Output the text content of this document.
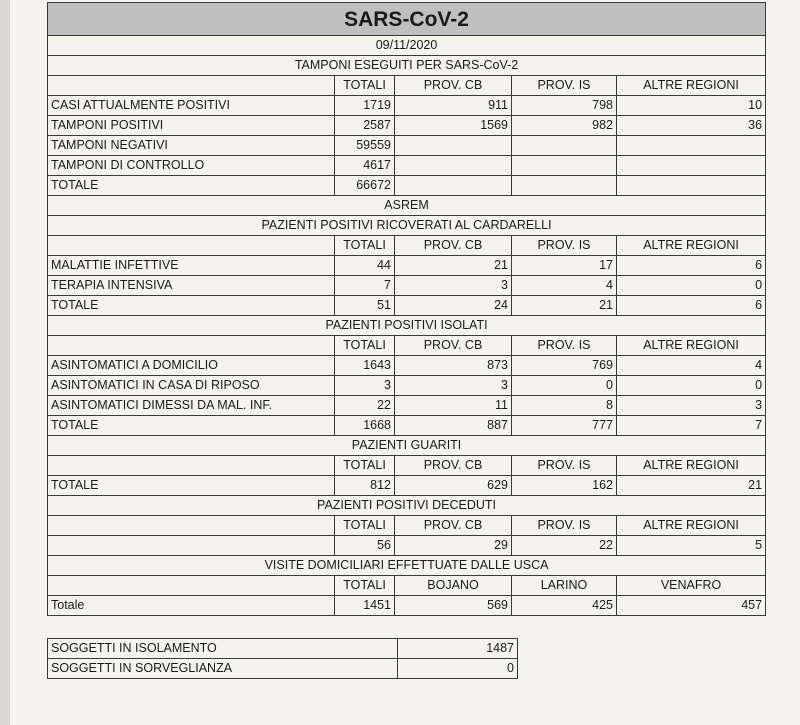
SARS-CoV-2				
09/11/2020				
TAMPONI ESEGUITI PER SARS-CoV-2				
	TOTALI	PROV. CB	PROV. IS	ALTRE REGIONI
CASI ATTUALMENTE POSITIVI	1719	911	798	10
TAMPONI POSITIVI	2587	1569	982	36
TAMPONI NEGATIVI	59559			
TAMPONI DI CONTROLLO	4617			
TOTALE	66672			
ASREM				
PAZIENTI POSITIVI RICOVERATI AL CARDARELLI				
	TOTALI	PROV. CB	PROV. IS	ALTRE REGIONI
MALATTIE INFETTIVE	44	21	17	6
TERAPIA INTENSIVA	7	3	4	0
TOTALE	51	24	21	6
PAZIENTI POSITIVI ISOLATI				
	TOTALI	PROV. CB	PROV. IS	ALTRE REGIONI
ASINTOMATICI A DOMICILIO	1643	873	769	4
ASINTOMATICI IN CASA DI RIPOSO	3	3	0	0
ASINTOMATICI DIMESSI DA MAL. INF.	22	11	8	3
TOTALE	1668	887	777	7
PAZIENTI GUARITI				
	TOTALI	PROV. CB	PROV. IS	ALTRE REGIONI
TOTALE	812	629	162	21
PAZIENTI POSITIVI DECEDUTI				
	TOTALI	PROV. CB	PROV. IS	ALTRE REGIONI
	56	29	22	5
VISITE DOMICILIARI EFFETTUATE DALLE USCA				
	TOTALI	BOJANO	LARINO	VENAFRO
Totale	1451	569	425	457
SOGGETTI IN ISOLAMENTO	1487
SOGGETTI IN SORVEGLIANZA	0
